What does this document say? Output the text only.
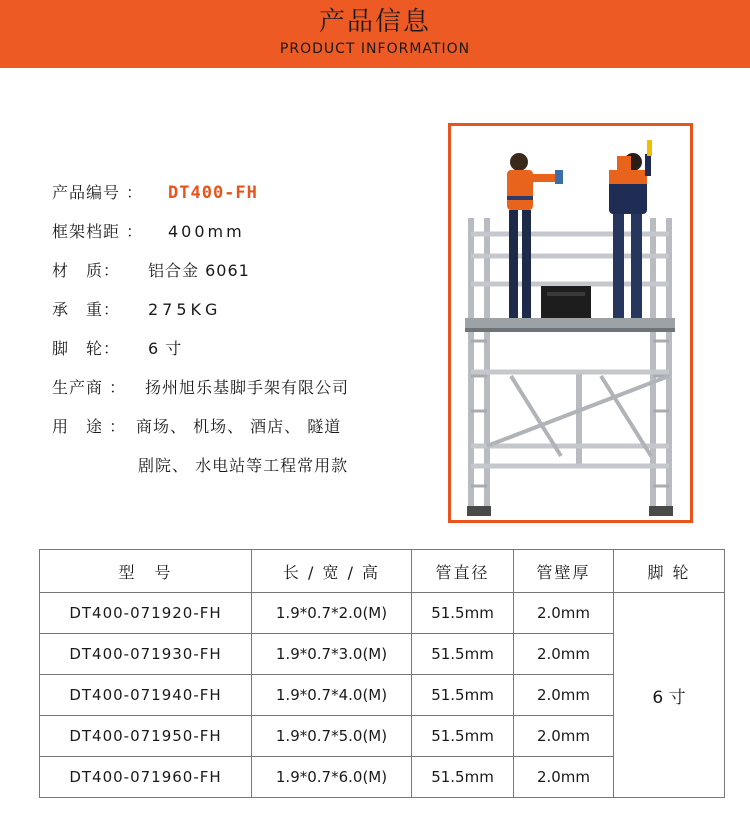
产品信息
PRODUCT INFORMATION
产品编号 ： DT400-FH
框架档距 ： 400mm
材　质： 铝合金 6061
承　重： 275KG
脚　轮： 6 寸
生产商 ： 扬州旭乐基脚手架有限公司
用　途 ： 商场、 机场、 酒店、 隧道
剧院、 水电站等工程常用款
型　号	长 / 宽 / 高	管直径	管壁厚	脚 轮
DT400-071920-FH	1.9*0.7*2.0(M)	51.5mm	2.0mm	6 寸
DT400-071930-FH	1.9*0.7*3.0(M)	51.5mm	2.0mm	
DT400-071940-FH	1.9*0.7*4.0(M)	51.5mm	2.0mm	
DT400-071950-FH	1.9*0.7*5.0(M)	51.5mm	2.0mm	
DT400-071960-FH	1.9*0.7*6.0(M)	51.5mm	2.0mm	
